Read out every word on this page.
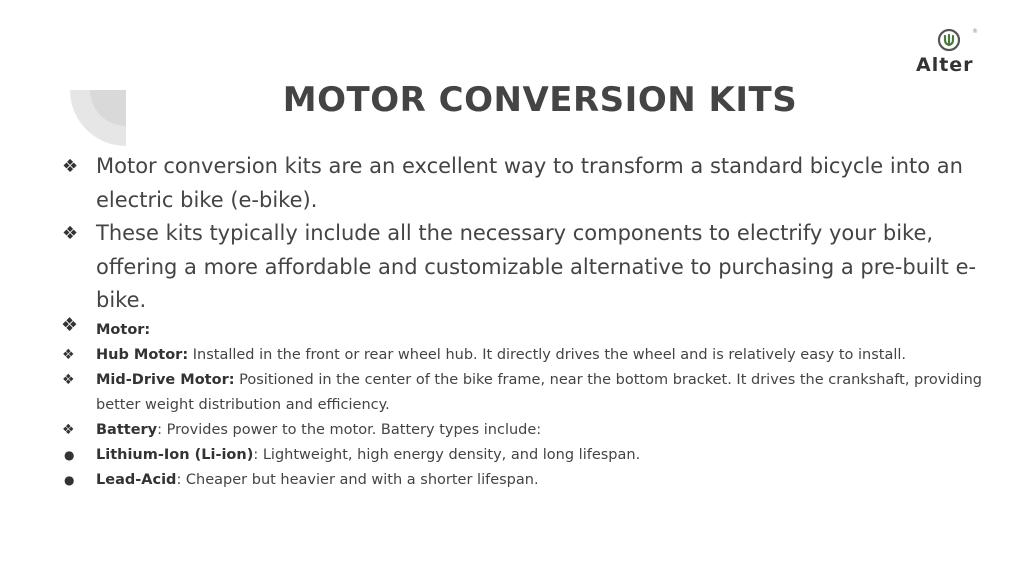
®
Alter
MOTOR CONVERSION KITS
❖ Motor conversion kits are an excellent way to transform a standard bicycle into an electric bike (e-bike).
❖ These kits typically include all the necessary components to electrify your bike, offering a more affordable and customizable alternative to purchasing a pre-built e-bike.
❖ Motor:
❖ Hub Motor: Installed in the front or rear wheel hub. It directly drives the wheel and is relatively easy to install.
❖ Mid-Drive Motor: Positioned in the center of the bike frame, near the bottom bracket. It drives the crankshaft, providing better weight distribution and efficiency.
❖ Battery: Provides power to the motor. Battery types include:
● Lithium-Ion (Li-ion): Lightweight, high energy density, and long lifespan.
● Lead-Acid: Cheaper but heavier and with a shorter lifespan.
